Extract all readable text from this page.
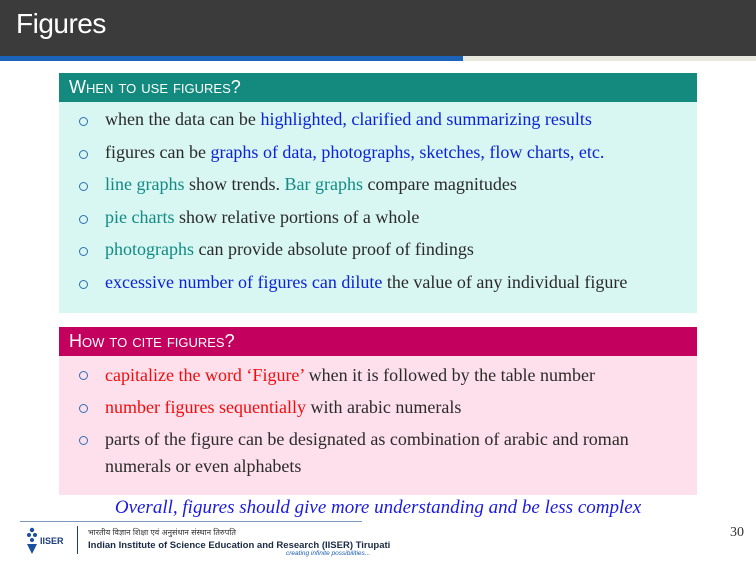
Figures
When to use figures?
when the data can be highlighted, clarified and summarizing results
figures can be graphs of data, photographs, sketches, flow charts, etc.
line graphs show trends. Bar graphs compare magnitudes
pie charts show relative portions of a whole
photographs can provide absolute proof of findings
excessive number of figures can dilute the value of any individual figure
How to cite figures?
capitalize the word ‘Figure’ when it is followed by the table number
number figures sequentially with arabic numerals
parts of the figure can be designated as combination of arabic and roman numerals or even alphabets
Overall, figures should give more understanding and be less complex
IISER
भारतीय विज्ञान शिक्षा एवं अनुसंधान संस्थान तिरुपति
Indian Institute of Science Education and Research (IISER) Tirupati
creating infinite possibilities...
30
